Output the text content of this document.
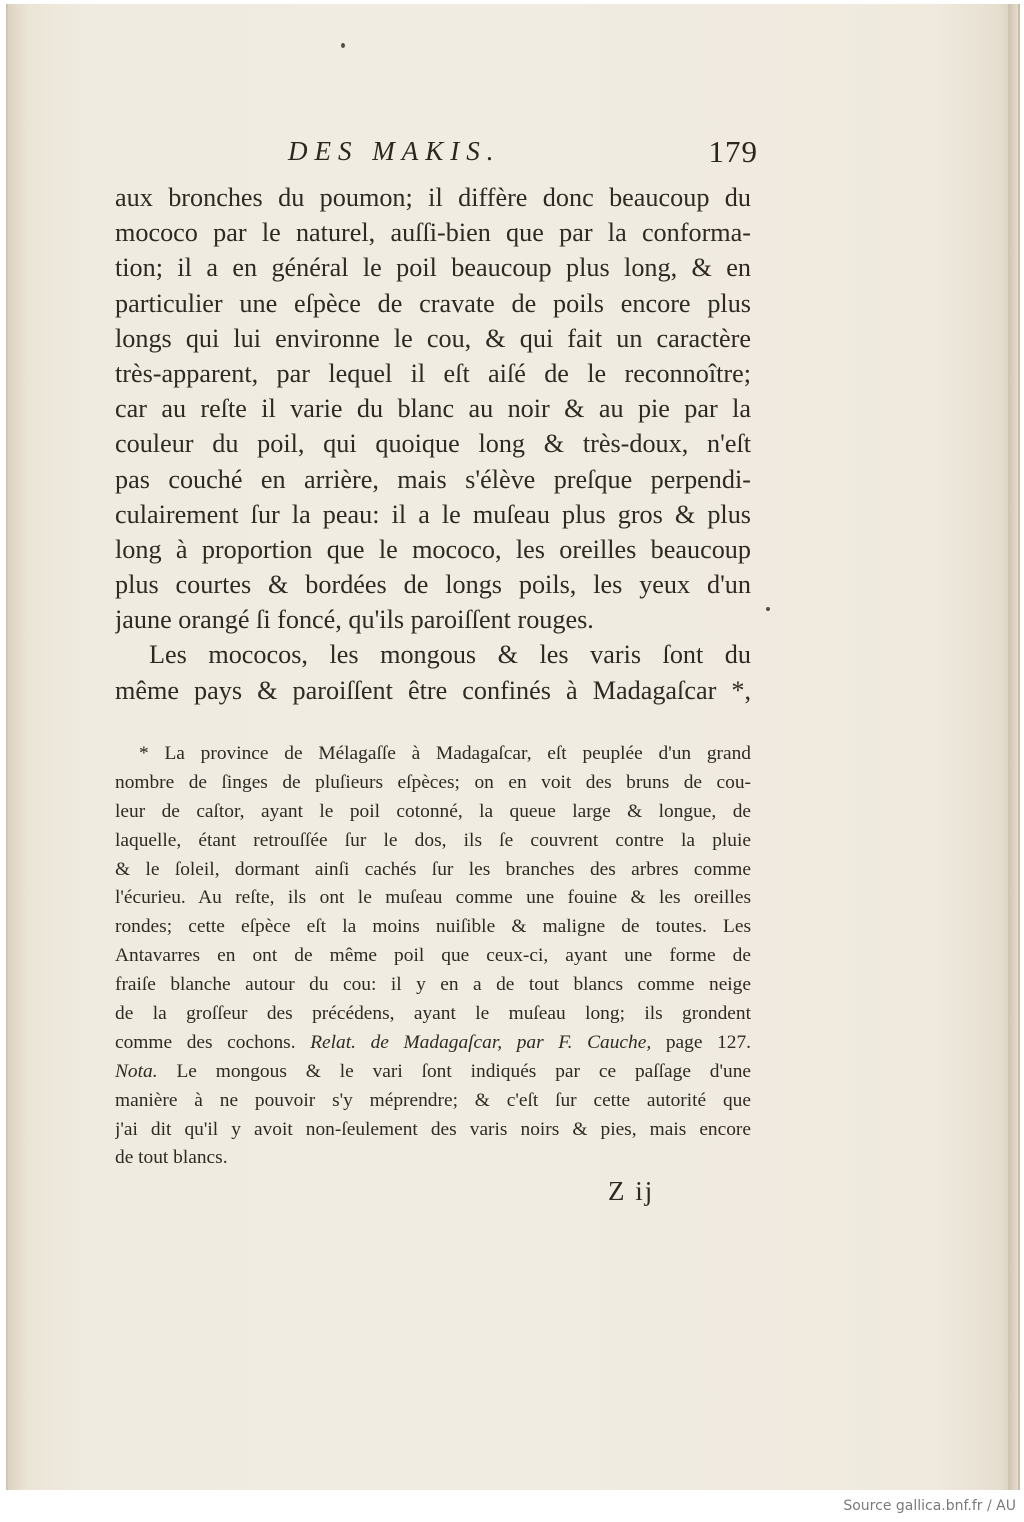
DES MAKIS.	179
aux bronches du poumon; il diffère donc beaucoup du
mococo par le naturel, auſſi-bien que par la conforma-
tion; il a en général le poil beaucoup plus long, & en
particulier une eſpèce de cravate de poils encore plus
longs qui lui environne le cou, & qui fait un caractère
très-apparent, par lequel il eſt aiſé de le reconnoître;
car au reſte il varie du blanc au noir & au pie par la
couleur du poil, qui quoique long & très-doux, n'eſt
pas couché en arrière, mais s'élève preſque perpendi-
culairement ſur la peau: il a le muſeau plus gros & plus
long à proportion que le mococo, les oreilles beaucoup
plus courtes & bordées de longs poils, les yeux d'un
jaune orangé ſi foncé, qu'ils paroiſſent rouges.
Les mococos, les mongous & les varis ſont du
même pays & paroiſſent être confinés à Madagaſcar *,
* La province de Mélagaſſe à Madagaſcar, eſt peuplée d'un grand
nombre de ſinges de pluſieurs eſpèces; on en voit des bruns de cou-
leur de caſtor, ayant le poil cotonné, la queue large & longue, de
laquelle, étant retrouſſée ſur le dos, ils ſe couvrent contre la pluie
& le ſoleil, dormant ainſi cachés ſur les branches des arbres comme
l'écurieu. Au reſte, ils ont le muſeau comme une fouine & les oreilles
rondes; cette eſpèce eſt la moins nuiſible & maligne de toutes. Les
Antavarres en ont de même poil que ceux-ci, ayant une forme de
fraiſe blanche autour du cou: il y en a de tout blancs comme neige
de la groſſeur des précédens, ayant le muſeau long; ils grondent
comme des cochons. Relat. de Madagaſcar, par F. Cauche, page 127.
Nota. Le mongous & le vari ſont indiqués par ce paſſage d'une
manière à ne pouvoir s'y méprendre; & c'eſt ſur cette autorité que
j'ai dit qu'il y avoit non-ſeulement des varis noirs & pies, mais encore
de tout blancs.
Z ij
Source gallica.bnf.fr / AU
